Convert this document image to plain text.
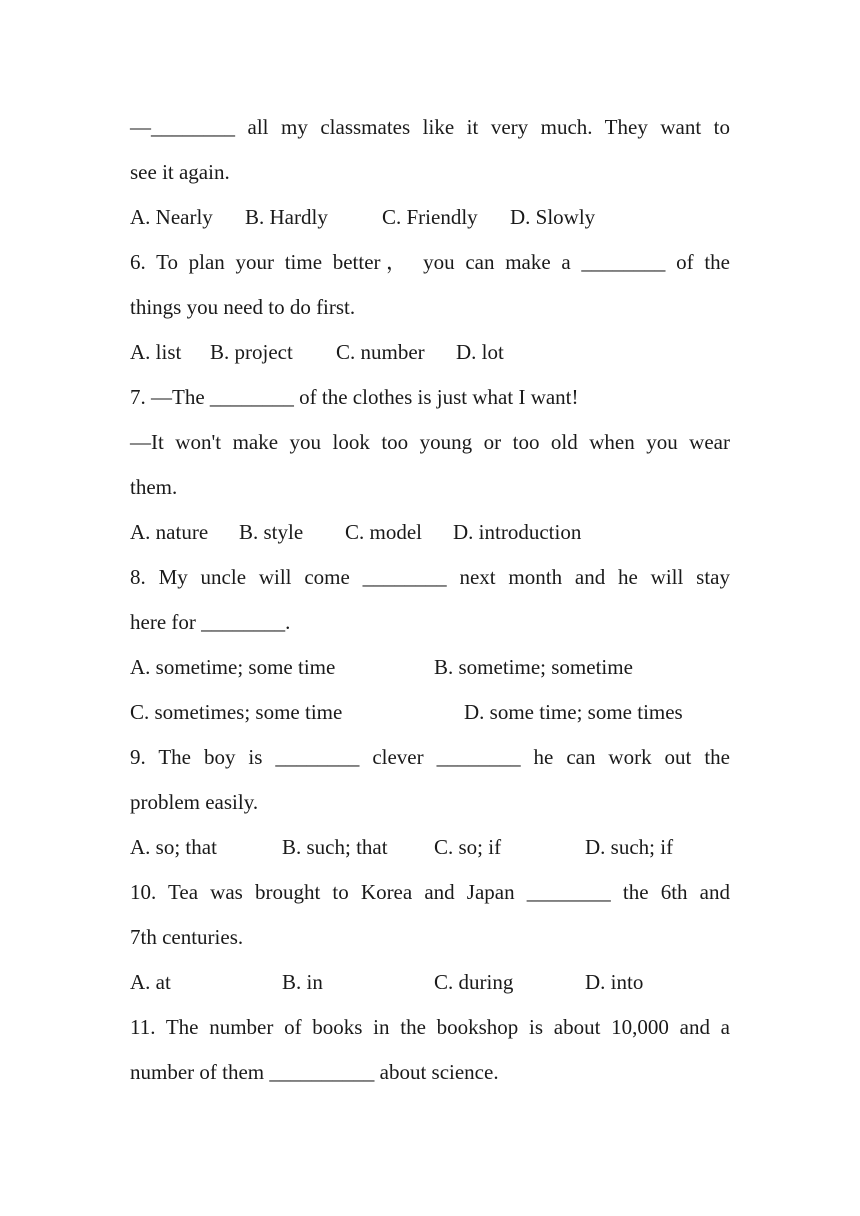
—________ all my classmates like it very much. They want to
see it again.
A. Nearly B. Hardly	C. Friendly D. Slowly
6. To plan your time better， you can make a ________ of the
things you need to do first.
A. list B. project C. number D. lot
7. —The ________ of the clothes is just what I want!
—It won't make you look too young or too old when you wear
them.
A. nature B. style C. model D. introduction
8. My uncle will come ________ next month and he will stay
here for ________.
A. sometime; some time	B. sometime; sometime
C. sometimes; some time	D. some time; some times
9. The boy is ________ clever ________ he can work out the
problem easily.
A. so; that	B. such; that C. so; if	D. such; if
10. Tea was brought to Korea and Japan ________ the 6th and
7th centuries.
A. at	B. in	C. during	D. into
11. The number of books in the bookshop is about 10,000 and a
number of them __________ about science.
